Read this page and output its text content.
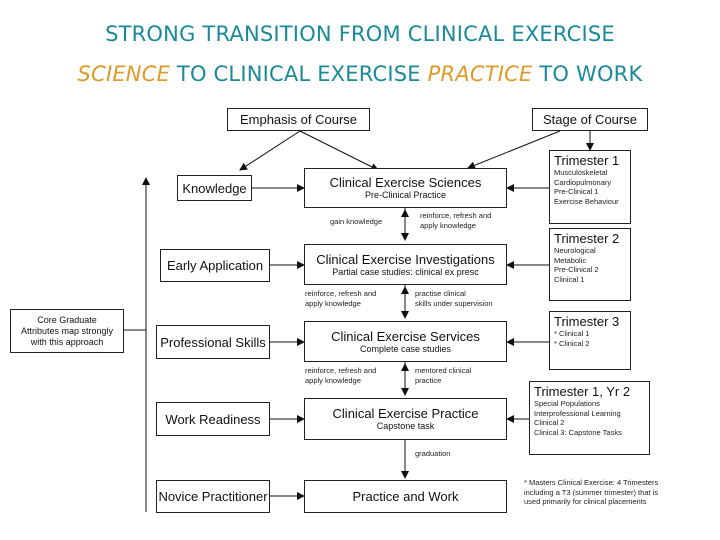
STRONG TRANSITION FROM CLINICAL EXERCISE
SCIENCE TO CLINICAL EXERCISE PRACTICE TO WORK
Emphasis of Course	Stage of Course
Knowledge
Early Application
Professional Skills
Work Readiness
Novice Practitioner
Core Graduate
Attributes map strongly
with this approach
Clinical Exercise Sciences
Pre-Clinical Practice
Clinical Exercise Investigations
Partial case studies: clinical ex presc
Clinical Exercise Services
Complete case studies
Clinical Exercise Practice
Capstone task
Practice and Work
gain knowledge
reinforce, refresh and
apply knowledge
reinforce, refresh and
apply knowledge
practise clinical
skills under supervision
reinforce, refresh and
apply knowledge
mentored clinical
practice
graduation
Trimester 1
Musculoskeletal
Cardiopulmonary
Pre-Clinical 1
Exercise Behaviour
Trimester 2
Neurological
Metabolic
Pre-Clinical 2
Clinical 1
Trimester 3
* Clinical 1
* Clinical 2
Trimester 1, Yr 2
Special Populations
Interprofessional Learning
Clinical 2
Clinical 3: Capstone Tasks
* Masters Clinical Exercise: 4 Trimesters
including a T3 (summer trimester) that is
used primarily for clinical placements
